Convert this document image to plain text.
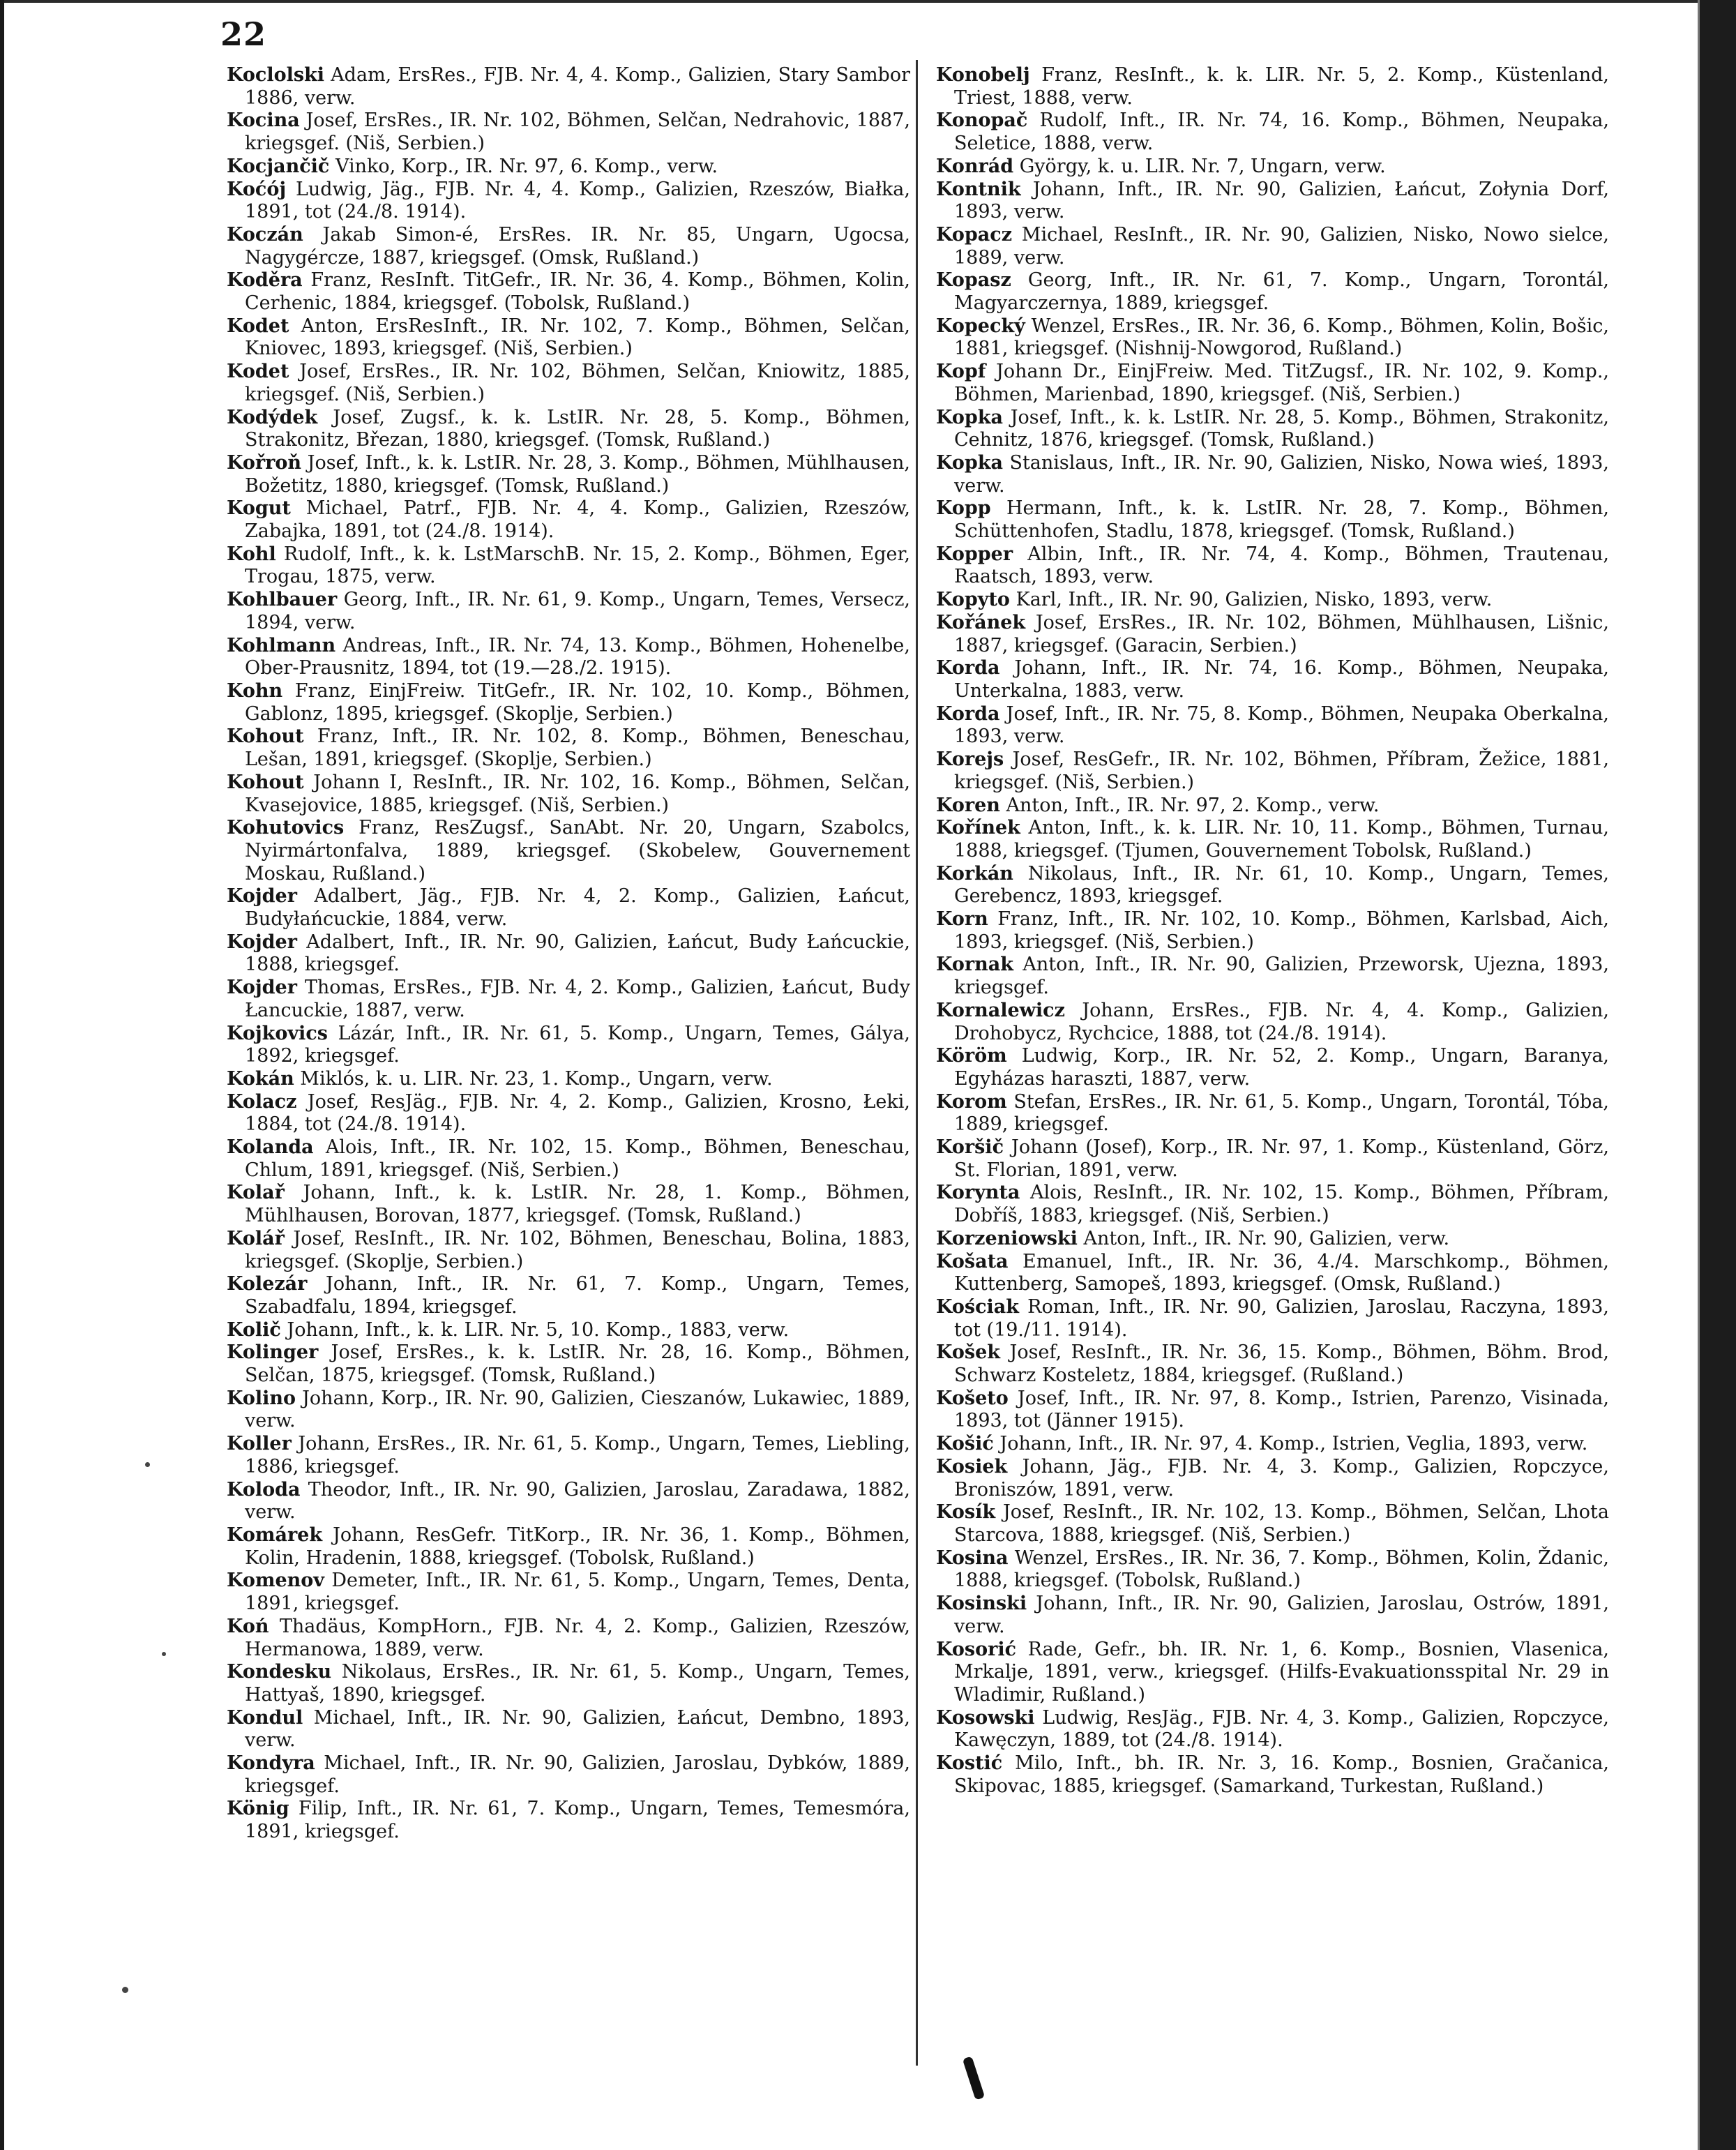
22

Koclolski Adam, ErsRes., FJB. Nr. 4, 4. Komp., Galizien, Stary Sambor 1886, verw.

Kocina Josef, ErsRes., IR. Nr. 102, Böhmen, Selčan, Nedrahovic, 1887, kriegsgef. (Niš, Serbien.)

Kocjančič Vinko, Korp., IR. Nr. 97, 6. Komp., verw.

Koćój Ludwig, Jäg., FJB. Nr. 4, 4. Komp., Galizien, Rzeszów, Białka, 1891, tot (24./8. 1914).

Koczán Jakab Simon-é, ErsRes. IR. Nr. 85, Ungarn, Ugocsa, Nagygércze, 1887, kriegsgef. (Omsk, Rußland.)

Koděra Franz, ResInft. TitGefr., IR. Nr. 36, 4. Komp., Böhmen, Kolin, Cerhenic, 1884, kriegsgef. (Tobolsk, Rußland.)

Kodet Anton, ErsResInft., IR. Nr. 102, 7. Komp., Böhmen, Selčan, Kniovec, 1893, kriegsgef. (Niš, Serbien.)

Kodet Josef, ErsRes., IR. Nr. 102, Böhmen, Selčan, Kniowitz, 1885, kriegsgef. (Niš, Serbien.)

Kodýdek Josef, Zugsf., k. k. LstIR. Nr. 28, 5. Komp., Böhmen, Strakonitz, Březan, 1880, kriegsgef. (Tomsk, Rußland.)

Kořroň Josef, Inft., k. k. LstIR. Nr. 28, 3. Komp., Böhmen, Mühlhausen, Božetitz, 1880, kriegsgef. (Tomsk, Rußland.)

Kogut Michael, Patrf., FJB. Nr. 4, 4. Komp., Galizien, Rzeszów, Zabajka, 1891, tot (24./8. 1914).

Kohl Rudolf, Inft., k. k. LstMarschB. Nr. 15, 2. Komp., Böhmen, Eger, Trogau, 1875, verw.

Kohlbauer Georg, Inft., IR. Nr. 61, 9. Komp., Ungarn, Temes, Versecz, 1894, verw.

Kohlmann Andreas, Inft., IR. Nr. 74, 13. Komp., Böhmen, Hohenelbe, Ober-Prausnitz, 1894, tot (19.—28./2. 1915).

Kohn Franz, EinjFreiw. TitGefr., IR. Nr. 102, 10. Komp., Böhmen, Gablonz, 1895, kriegsgef. (Skoplje, Serbien.)

Kohout Franz, Inft., IR. Nr. 102, 8. Komp., Böhmen, Beneschau, Lešan, 1891, kriegsgef. (Skoplje, Serbien.)

Kohout Johann I, ResInft., IR. Nr. 102, 16. Komp., Böhmen, Selčan, Kvasejovice, 1885, kriegsgef. (Niš, Serbien.)

Kohutovics Franz, ResZugsf., SanAbt. Nr. 20, Ungarn, Szabolcs, Nyirmártonfalva, 1889, kriegsgef. (Skobelew, Gouvernement Moskau, Rußland.)

Kojder Adalbert, Jäg., FJB. Nr. 4, 2. Komp., Galizien, Łańcut, Budyłańcuckie, 1884, verw.

Kojder Adalbert, Inft., IR. Nr. 90, Galizien, Łańcut, Budy Łańcuckie, 1888, kriegsgef.

Kojder Thomas, ErsRes., FJB. Nr. 4, 2. Komp., Galizien, Łańcut, Budy Łancuckie, 1887, verw.

Kojkovics Lázár, Inft., IR. Nr. 61, 5. Komp., Ungarn, Temes, Gálya, 1892, kriegsgef.

Kokán Miklós, k. u. LIR. Nr. 23, 1. Komp., Ungarn, verw.

Kolacz Josef, ResJäg., FJB. Nr. 4, 2. Komp., Galizien, Krosno, Łeki, 1884, tot (24./8. 1914).

Kolanda Alois, Inft., IR. Nr. 102, 15. Komp., Böhmen, Beneschau, Chlum, 1891, kriegsgef. (Niš, Serbien.)

Kolař Johann, Inft., k. k. LstIR. Nr. 28, 1. Komp., Böhmen, Mühlhausen, Borovan, 1877, kriegsgef. (Tomsk, Rußland.)

Kolář Josef, ResInft., IR. Nr. 102, Böhmen, Beneschau, Bolina, 1883, kriegsgef. (Skoplje, Serbien.)

Kolezár Johann, Inft., IR. Nr. 61, 7. Komp., Ungarn, Temes, Szabadfalu, 1894, kriegsgef.

Količ Johann, Inft., k. k. LIR. Nr. 5, 10. Komp., 1883, verw.

Kolinger Josef, ErsRes., k. k. LstIR. Nr. 28, 16. Komp., Böhmen, Selčan, 1875, kriegsgef. (Tomsk, Rußland.)

Kolino Johann, Korp., IR. Nr. 90, Galizien, Cieszanów, Lukawiec, 1889, verw.

Koller Johann, ErsRes., IR. Nr. 61, 5. Komp., Ungarn, Temes, Liebling, 1886, kriegsgef.

Koloda Theodor, Inft., IR. Nr. 90, Galizien, Jaroslau, Zaradawa, 1882, verw.

Komárek Johann, ResGefr. TitKorp., IR. Nr. 36, 1. Komp., Böhmen, Kolin, Hradenin, 1888, kriegsgef. (Tobolsk, Rußland.)

Komenov Demeter, Inft., IR. Nr. 61, 5. Komp., Ungarn, Temes, Denta, 1891, kriegsgef.

Koń Thadäus, KompHorn., FJB. Nr. 4, 2. Komp., Galizien, Rzeszów, Hermanowa, 1889, verw.

Kondesku Nikolaus, ErsRes., IR. Nr. 61, 5. Komp., Ungarn, Temes, Hattyaš, 1890, kriegsgef.

Kondul Michael, Inft., IR. Nr. 90, Galizien, Łańcut, Dembno, 1893, verw.

Kondyra Michael, Inft., IR. Nr. 90, Galizien, Jaroslau, Dybków, 1889, kriegsgef.

König Filip, Inft., IR. Nr. 61, 7. Komp., Ungarn, Temes, Temesmóra, 1891, kriegsgef.

Konobelj Franz, ResInft., k. k. LIR. Nr. 5, 2. Komp., Küstenland, Triest, 1888, verw.

Konopač Rudolf, Inft., IR. Nr. 74, 16. Komp., Böhmen, Neupaka, Seletice, 1888, verw.

Konrád György, k. u. LIR. Nr. 7, Ungarn, verw.

Kontnik Johann, Inft., IR. Nr. 90, Galizien, Łańcut, Zołynia Dorf, 1893, verw.

Kopacz Michael, ResInft., IR. Nr. 90, Galizien, Nisko, Nowo sielce, 1889, verw.

Kopasz Georg, Inft., IR. Nr. 61, 7. Komp., Ungarn, Torontál, Magyarczernya, 1889, kriegsgef.

Kopecký Wenzel, ErsRes., IR. Nr. 36, 6. Komp., Böhmen, Kolin, Bošic, 1881, kriegsgef. (Nishnij-Nowgorod, Rußland.)

Kopf Johann Dr., EinjFreiw. Med. TitZugsf., IR. Nr. 102, 9. Komp., Böhmen, Marienbad, 1890, kriegsgef. (Niš, Serbien.)

Kopka Josef, Inft., k. k. LstIR. Nr. 28, 5. Komp., Böhmen, Strakonitz, Cehnitz, 1876, kriegsgef. (Tomsk, Rußland.)

Kopka Stanislaus, Inft., IR. Nr. 90, Galizien, Nisko, Nowa wieś, 1893, verw.

Kopp Hermann, Inft., k. k. LstIR. Nr. 28, 7. Komp., Böhmen, Schüttenhofen, Stadlu, 1878, kriegsgef. (Tomsk, Rußland.)

Kopper Albin, Inft., IR. Nr. 74, 4. Komp., Böhmen, Trautenau, Raatsch, 1893, verw.

Kopyto Karl, Inft., IR. Nr. 90, Galizien, Nisko, 1893, verw.

Kořánek Josef, ErsRes., IR. Nr. 102, Böhmen, Mühlhausen, Lišnic, 1887, kriegsgef. (Garacin, Serbien.)

Korda Johann, Inft., IR. Nr. 74, 16. Komp., Böhmen, Neupaka, Unterkalna, 1883, verw.

Korda Josef, Inft., IR. Nr. 75, 8. Komp., Böhmen, Neupaka Oberkalna, 1893, verw.

Korejs Josef, ResGefr., IR. Nr. 102, Böhmen, Příbram, Žežice, 1881, kriegsgef. (Niš, Serbien.)

Koren Anton, Inft., IR. Nr. 97, 2. Komp., verw.

Kořínek Anton, Inft., k. k. LIR. Nr. 10, 11. Komp., Böhmen, Turnau, 1888, kriegsgef. (Tjumen, Gouvernement Tobolsk, Rußland.)

Korkán Nikolaus, Inft., IR. Nr. 61, 10. Komp., Ungarn, Temes, Gerebencz, 1893, kriegsgef.

Korn Franz, Inft., IR. Nr. 102, 10. Komp., Böhmen, Karlsbad, Aich, 1893, kriegsgef. (Niš, Serbien.)

Kornak Anton, Inft., IR. Nr. 90, Galizien, Przeworsk, Ujezna, 1893, kriegsgef.

Kornalewicz Johann, ErsRes., FJB. Nr. 4, 4. Komp., Galizien, Drohobycz, Rychcice, 1888, tot (24./8. 1914).

Köröm Ludwig, Korp., IR. Nr. 52, 2. Komp., Ungarn, Baranya, Egyházas haraszti, 1887, verw.

Korom Stefan, ErsRes., IR. Nr. 61, 5. Komp., Ungarn, Torontál, Tóba, 1889, kriegsgef.

Koršič Johann (Josef), Korp., IR. Nr. 97, 1. Komp., Küstenland, Görz, St. Florian, 1891, verw.

Korynta Alois, ResInft., IR. Nr. 102, 15. Komp., Böhmen, Příbram, Dobříš, 1883, kriegsgef. (Niš, Serbien.)

Korzeniowski Anton, Inft., IR. Nr. 90, Galizien, verw.

Košata Emanuel, Inft., IR. Nr. 36, 4./4. Marschkomp., Böhmen, Kuttenberg, Samopeš, 1893, kriegsgef. (Omsk, Rußland.)

Kościak Roman, Inft., IR. Nr. 90, Galizien, Jaroslau, Raczyna, 1893, tot (19./11. 1914).

Košek Josef, ResInft., IR. Nr. 36, 15. Komp., Böhmen, Böhm. Brod, Schwarz Kosteletz, 1884, kriegsgef. (Rußland.)

Košeto Josef, Inft., IR. Nr. 97, 8. Komp., Istrien, Parenzo, Visinada, 1893, tot (Jänner 1915).

Košić Johann, Inft., IR. Nr. 97, 4. Komp., Istrien, Veglia, 1893, verw.

Kosiek Johann, Jäg., FJB. Nr. 4, 3. Komp., Galizien, Ropczyce, Broniszów, 1891, verw.

Kosík Josef, ResInft., IR. Nr. 102, 13. Komp., Böhmen, Selčan, Lhota Starcova, 1888, kriegsgef. (Niš, Serbien.)

Kosina Wenzel, ErsRes., IR. Nr. 36, 7. Komp., Böhmen, Kolin, Ždanic, 1888, kriegsgef. (Tobolsk, Rußland.)

Kosinski Johann, Inft., IR. Nr. 90, Galizien, Jaroslau, Ostrów, 1891, verw.

Kosorić Rade, Gefr., bh. IR. Nr. 1, 6. Komp., Bosnien, Vlasenica, Mrkalje, 1891, verw., kriegsgef. (Hilfs-Evakuationsspital Nr. 29 in Wladimir, Rußland.)

Kosowski Ludwig, ResJäg., FJB. Nr. 4, 3. Komp., Galizien, Ropczyce, Kawęczyn, 1889, tot (24./8. 1914).

Kostić Milo, Inft., bh. IR. Nr. 3, 16. Komp., Bosnien, Gračanica, Skipovac, 1885, kriegsgef. (Samarkand, Turkestan, Rußland.)
